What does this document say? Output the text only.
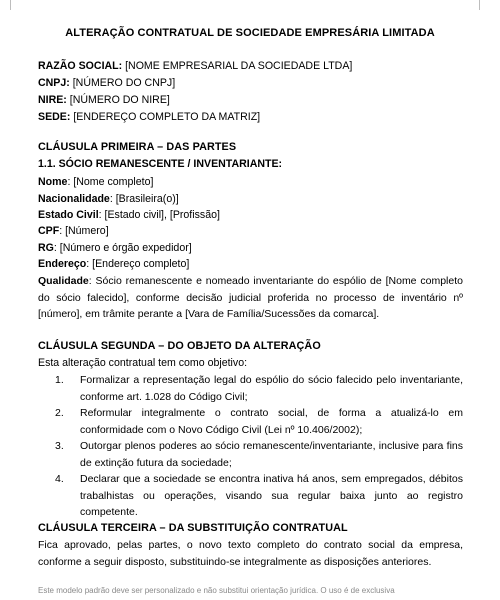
ALTERAÇÃO CONTRATUAL DE SOCIEDADE EMPRESÁRIA LIMITADA
RAZÃO SOCIAL: [NOME EMPRESARIAL DA SOCIEDADE LTDA]
CNPJ: [NÚMERO DO CNPJ]
NIRE: [NÚMERO DO NIRE]
SEDE: [ENDEREÇO COMPLETO DA MATRIZ]
CLÁUSULA PRIMEIRA – DAS PARTES
1.1. SÓCIO REMANESCENTE / INVENTARIANTE:
Nome: [Nome completo]
Nacionalidade: [Brasileira(o)]
Estado Civil: [Estado civil], [Profissão]
CPF: [Número]
RG: [Número e órgão expedidor]
Endereço: [Endereço completo]
Qualidade: Sócio remanescente e nomeado inventariante do espólio de [Nome completo do sócio falecido], conforme decisão judicial proferida no processo de inventário nº [número], em trâmite perante a [Vara de Família/Sucessões da comarca].
CLÁUSULA SEGUNDA – DO OBJETO DA ALTERAÇÃO
Esta alteração contratual tem como objetivo:
1. Formalizar a representação legal do espólio do sócio falecido pelo inventariante, conforme art. 1.028 do Código Civil;
2. Reformular integralmente o contrato social, de forma a atualizá-lo em conformidade com o Novo Código Civil (Lei nº 10.406/2002);
3. Outorgar plenos poderes ao sócio remanescente/inventariante, inclusive para fins de extinção futura da sociedade;
4. Declarar que a sociedade se encontra inativa há anos, sem empregados, débitos trabalhistas ou operações, visando sua regular baixa junto ao registro competente.
CLÁUSULA TERCEIRA – DA SUBSTITUIÇÃO CONTRATUAL
Fica aprovado, pelas partes, o novo texto completo do contrato social da empresa, conforme a seguir disposto, substituindo-se integralmente as disposições anteriores.
Este modelo padrão deve ser personalizado e não substitui orientação jurídica. O uso é de exclusiva
